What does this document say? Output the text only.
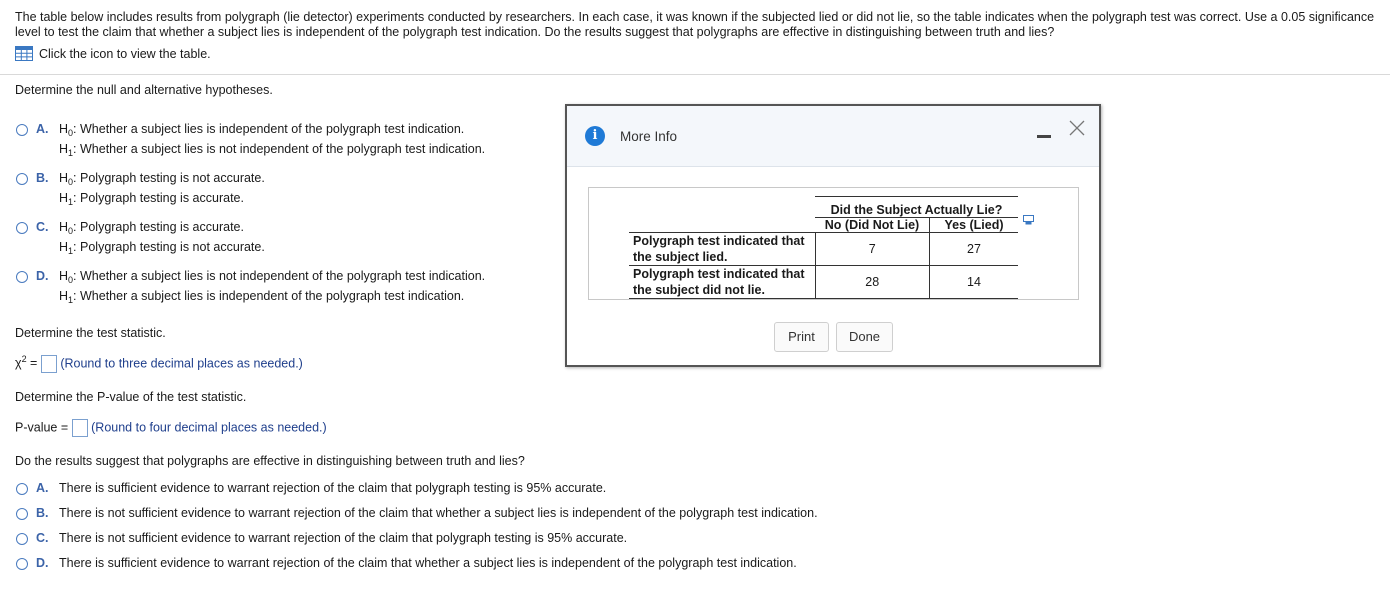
The table below includes results from polygraph (lie detector) experiments conducted by researchers. In each case, it was known if the subjected lied or did not lie, so the table indicates when the polygraph test was correct. Use a 0.05 significance level to test the claim that whether a subject lies is independent of the polygraph test indication. Do the results suggest that polygraphs are effective in distinguishing between truth and lies?
Click the icon to view the table.
Determine the null and alternative hypotheses.
A. $H_0$: Whether a subject lies is independent of the polygraph test indication.
$H_1$: Whether a subject lies is not independent of the polygraph test indication.
B. $H_0$: Polygraph testing is not accurate.
$H_1$: Polygraph testing is accurate.
C. $H_0$: Polygraph testing is accurate.
$H_1$: Polygraph testing is not accurate.
D. $H_0$: Whether a subject lies is not independent of the polygraph test indication.
$H_1$: Whether a subject lies is independent of the polygraph test indication.
Determine the test statistic.
$\chi^2$ = (Round to three decimal places as needed.)
Determine the P-value of the test statistic.
P-value = (Round to four decimal places as needed.)
Do the results suggest that polygraphs are effective in distinguishing between truth and lies?
A. There is sufficient evidence to warrant rejection of the claim that polygraph testing is 95% accurate.
B. There is not sufficient evidence to warrant rejection of the claim that whether a subject lies is independent of the polygraph test indication.
C. There is not sufficient evidence to warrant rejection of the claim that polygraph testing is 95% accurate.
D. There is sufficient evidence to warrant rejection of the claim that whether a subject lies is independent of the polygraph test indication.
i	More Info
	Did the Subject Actually Lie?	
	No (Did Not Lie)	Yes (Lied)
Polygraph test indicated that
the subject lied.	7	27
Polygraph test indicated that
the subject did not lie.	28	14
Print	Done
